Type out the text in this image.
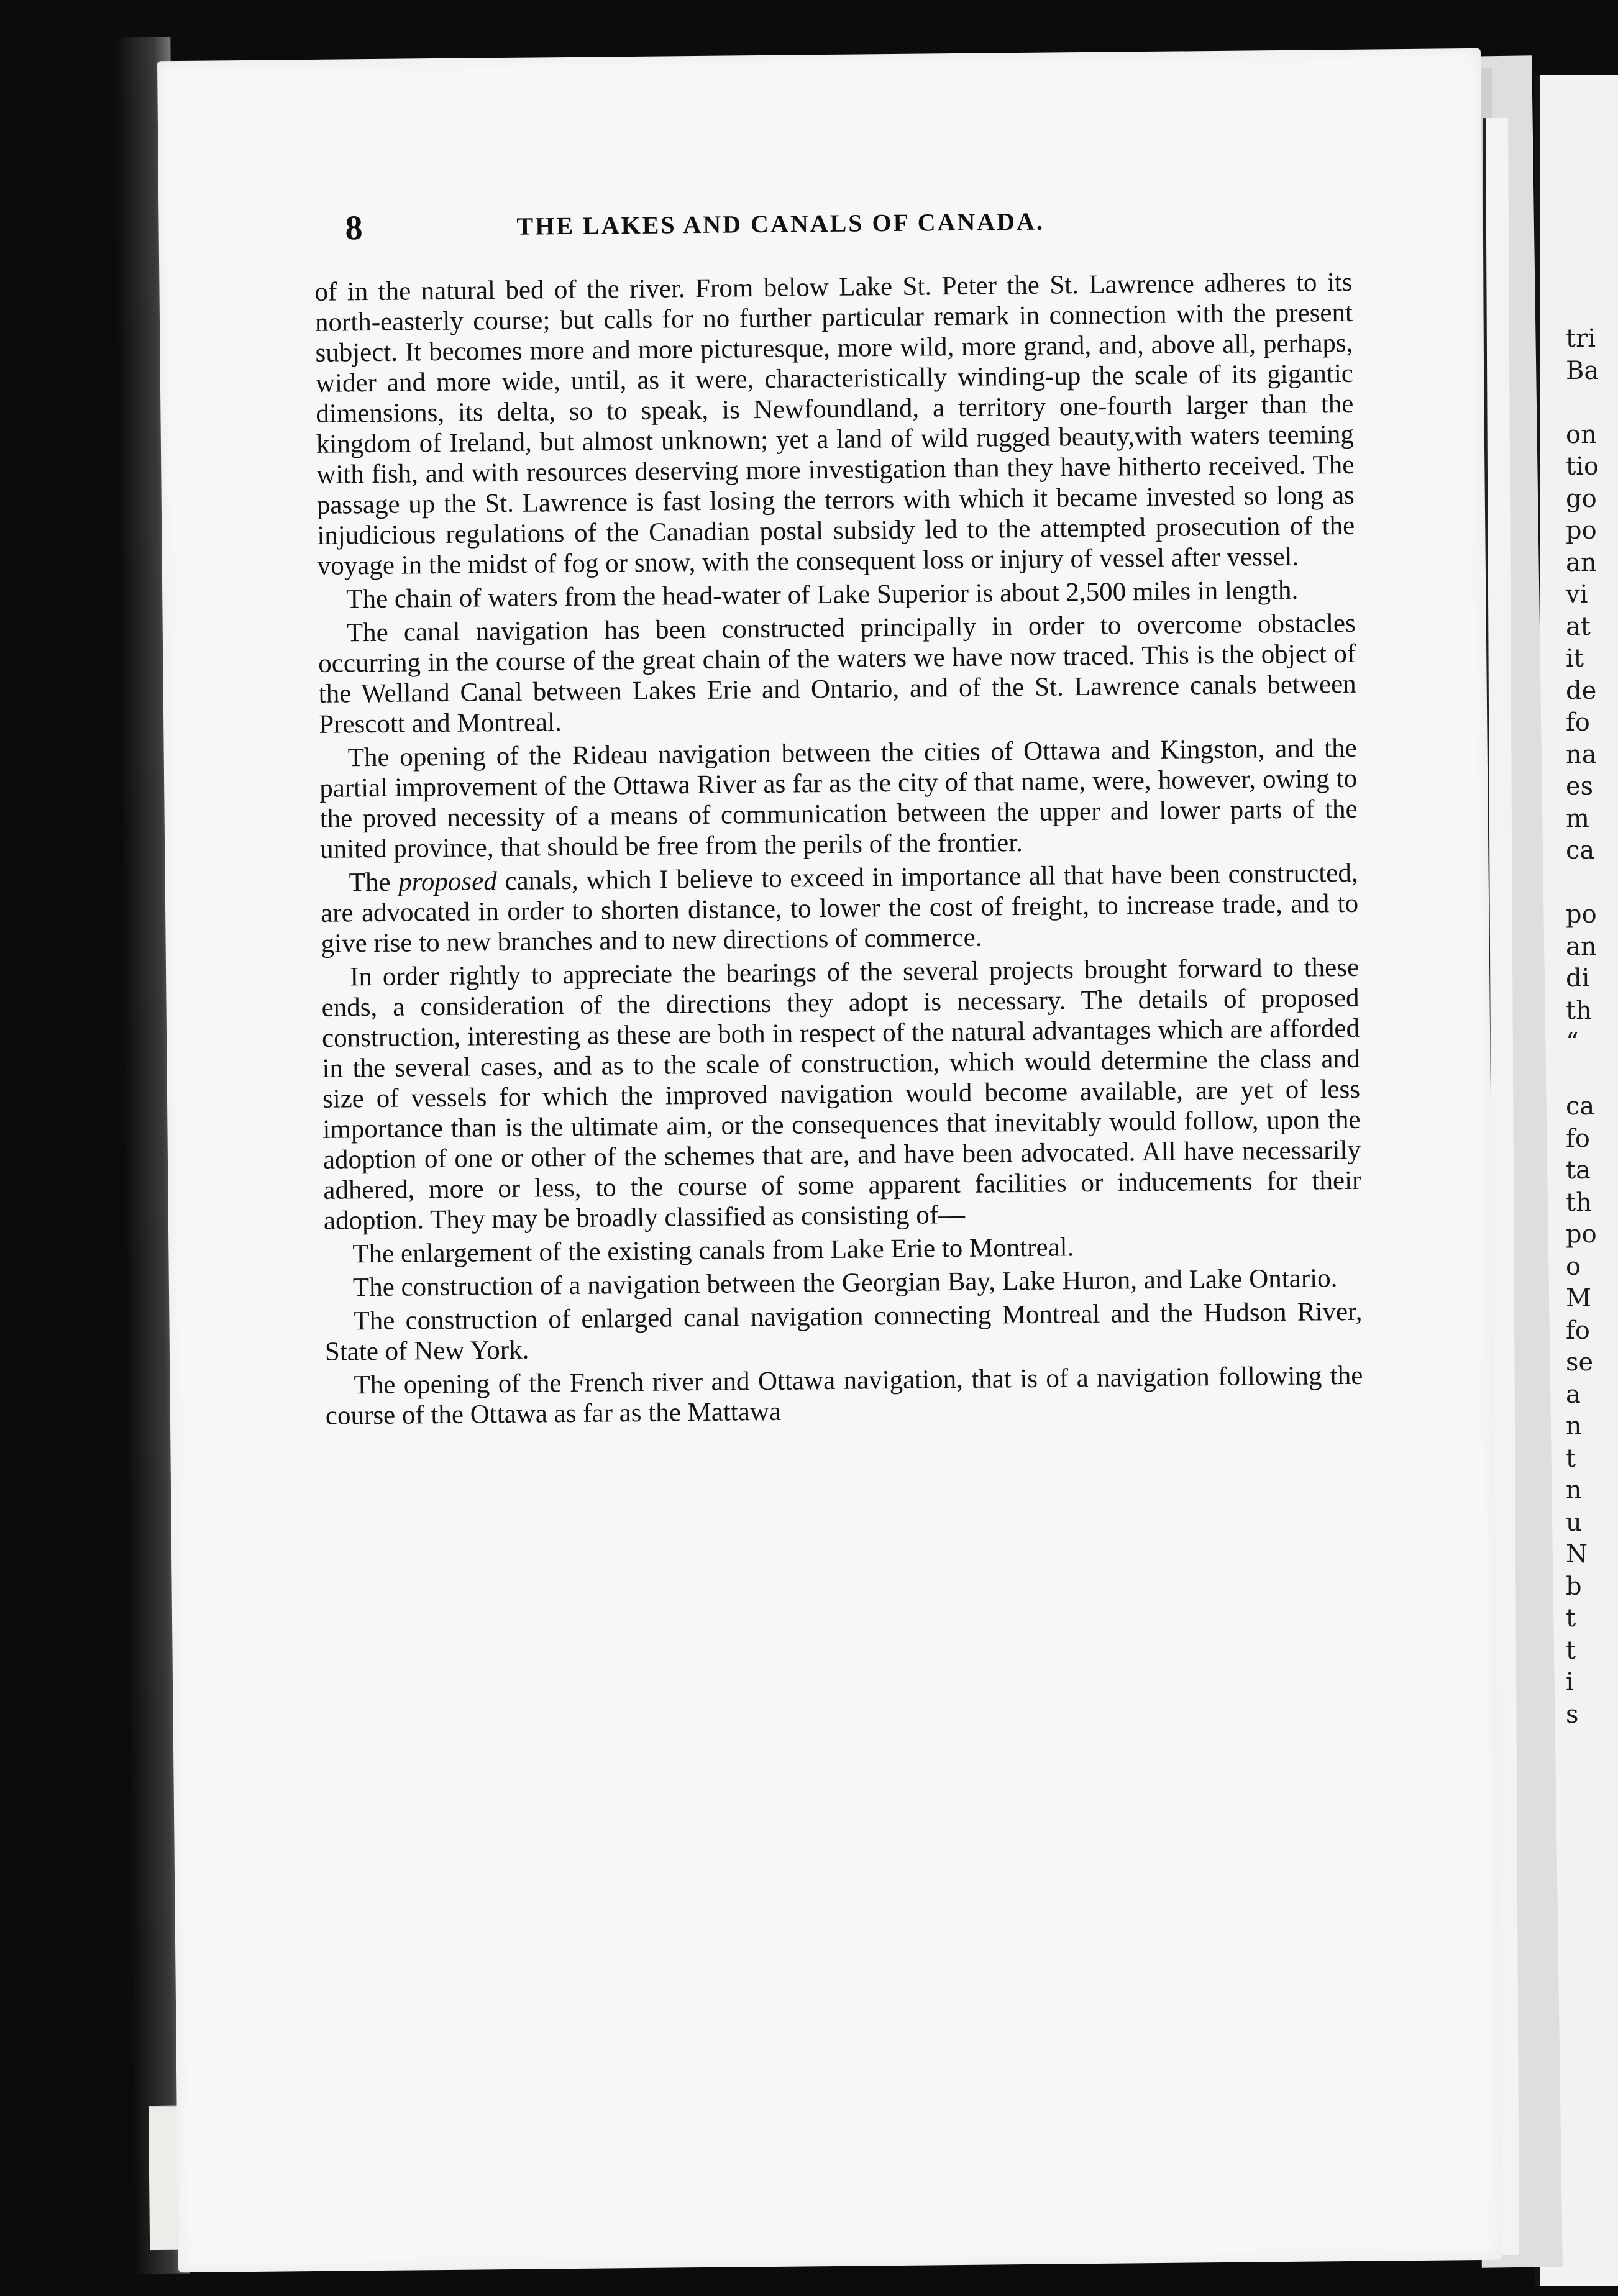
tri
Ba

on
tio
go
po
an
vi
at
it
de
fo
na
es
m
ca

po
an
di
th
“

ca
fo
ta
th
po
o
M
fo
se
a
n
t
n
u
N
b
t
t
i
s
8	THE LAKES AND CANALS OF CANADA.

of in the natural bed of the river. From below Lake St. Peter the St. Lawrence adheres to its north-easterly course; but calls for no further particular remark in connection with the present subject. It becomes more and more picturesque, more wild, more grand, and, above all, perhaps, wider and more wide, until, as it were, characteristically winding-up the scale of its gigantic dimensions, its delta, so to speak, is Newfoundland, a territory one-fourth larger than the kingdom of Ireland, but almost unknown; yet a land of wild rugged beauty,with waters teeming with fish, and with resources deserving more investigation than they have hitherto received. The passage up the St. Lawrence is fast losing the terrors with which it became invested so long as injudicious regulations of the Canadian postal subsidy led to the attempted prosecution of the voyage in the midst of fog or snow, with the consequent loss or injury of vessel after vessel.

The chain of waters from the head-water of Lake Superior is about 2,500 miles in length.

The canal navigation has been constructed principally in order to overcome obstacles occurring in the course of the great chain of the waters we have now traced. This is the object of the Welland Canal between Lakes Erie and Ontario, and of the St. Lawrence canals between Prescott and Montreal.

The opening of the Rideau navigation between the cities of Ottawa and Kingston, and the partial improvement of the Ottawa River as far as the city of that name, were, however, owing to the proved necessity of a means of communication between the upper and lower parts of the united province, that should be free from the perils of the frontier.

The proposed canals, which I believe to exceed in importance all that have been constructed, are advocated in order to shorten distance, to lower the cost of freight, to increase trade, and to give rise to new branches and to new directions of commerce.

In order rightly to appreciate the bearings of the several projects brought forward to these ends, a consideration of the directions they adopt is necessary. The details of proposed construction, interesting as these are both in respect of the natural advantages which are afforded in the several cases, and as to the scale of construction, which would determine the class and size of vessels for which the improved navigation would become available, are yet of less importance than is the ultimate aim, or the consequences that inevitably would follow, upon the adoption of one or other of the schemes that are, and have been advocated. All have necessarily adhered, more or less, to the course of some apparent facilities or inducements for their adoption. They may be broadly classified as consisting of—

The enlargement of the existing canals from Lake Erie to Montreal.

The construction of a navigation between the Georgian Bay, Lake Huron, and Lake Ontario.

The construction of enlarged canal navigation connecting Montreal and the Hudson River, State of New York.

The opening of the French river and Ottawa navigation, that is of a navigation following the course of the Ottawa as far as the Mattawa
